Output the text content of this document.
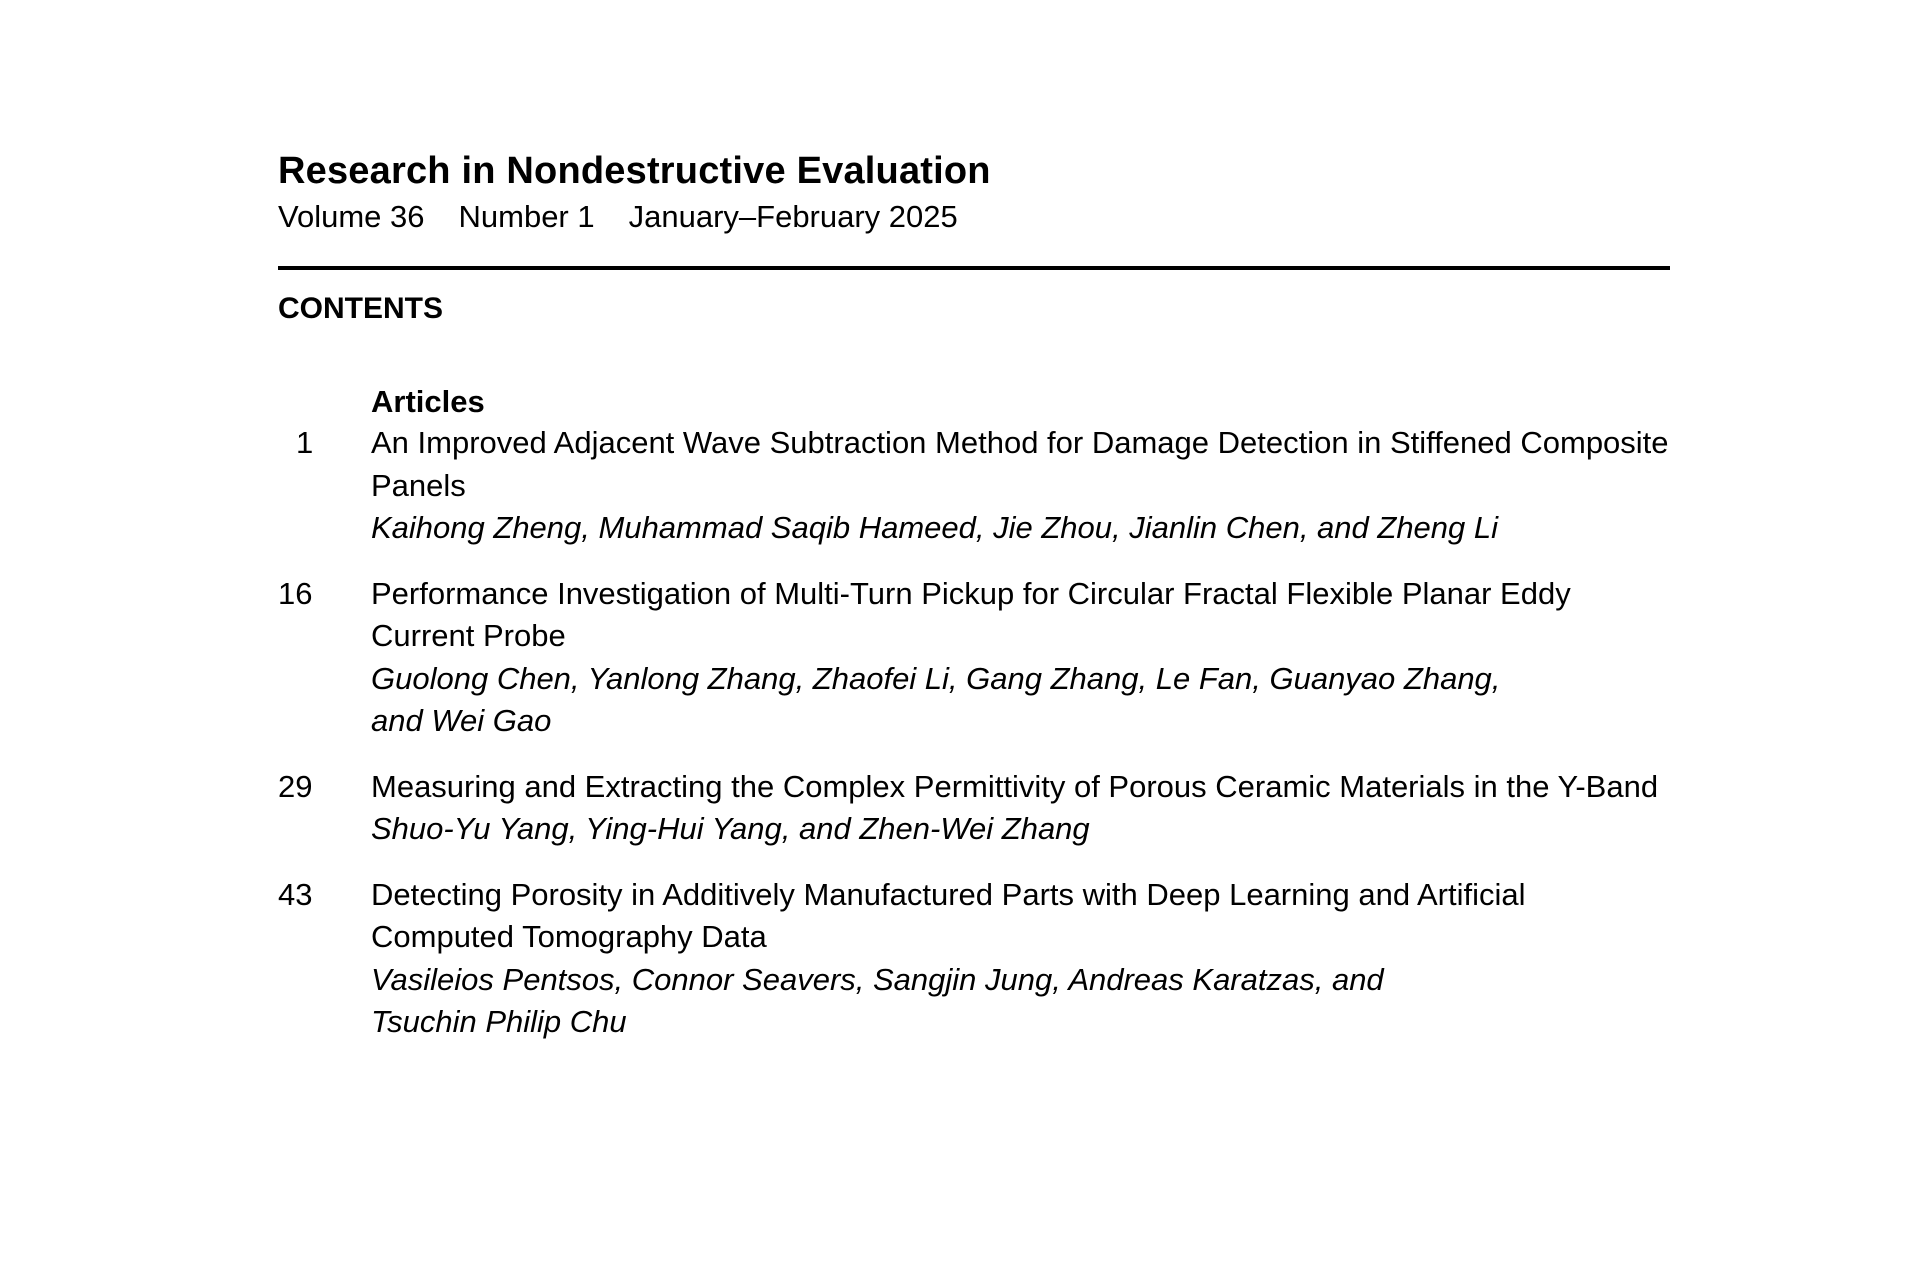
Research in Nondestructive Evaluation
Volume 36 Number 1 January–February 2025
CONTENTS
Articles
1	An Improved Adjacent Wave Subtraction Method for Damage Detection in Stiffened Composite Panels
Kaihong Zheng, Muhammad Saqib Hameed, Jie Zhou, Jianlin Chen, and Zheng Li
16	Performance Investigation of Multi-Turn Pickup for Circular Fractal Flexible Planar Eddy Current Probe
Guolong Chen, Yanlong Zhang, Zhaofei Li, Gang Zhang, Le Fan, Guanyao Zhang, and Wei Gao
29	Measuring and Extracting the Complex Permittivity of Porous Ceramic Materials in the Y-Band
Shuo-Yu Yang, Ying-Hui Yang, and Zhen-Wei Zhang
43	Detecting Porosity in Additively Manufactured Parts with Deep Learning and Artificial Computed Tomography Data
Vasileios Pentsos, Connor Seavers, Sangjin Jung, Andreas Karatzas, and Tsuchin Philip Chu
